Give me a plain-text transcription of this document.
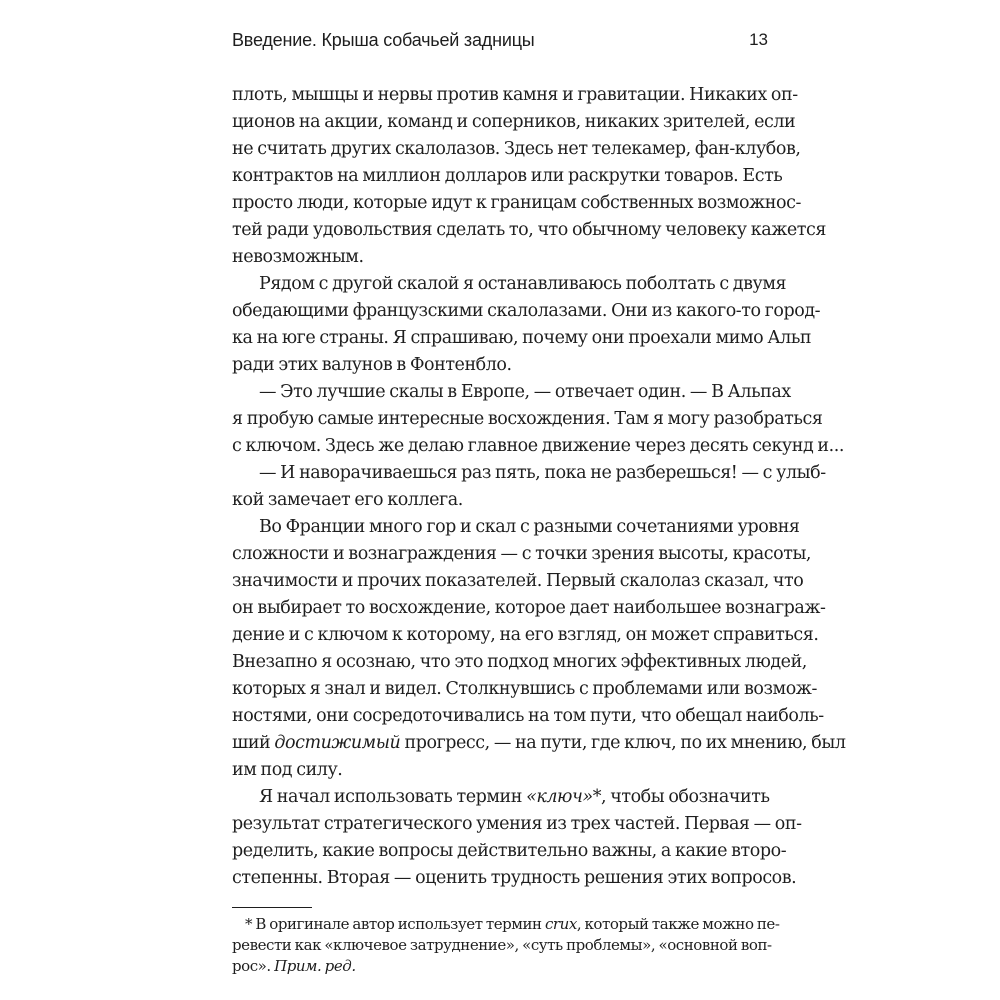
Введение. Крыша собачьей задницы	13
плоть, мышцы и нервы против камня и гравитации. Никаких оп-
ционов на акции, команд и соперников, никаких зрителей, если
не считать других скалолазов. Здесь нет телекамер, фан-клубов,
контрактов на миллион долларов или раскрутки товаров. Есть
просто люди, которые идут к границам собственных возможнос-
тей ради удовольствия сделать то, что обычному человеку кажется
невозможным.
Рядом с другой скалой я останавливаюсь поболтать с двумя
обедающими французскими скалолазами. Они из какого-то город-
ка на юге страны. Я спрашиваю, почему они проехали мимо Альп
ради этих валунов в Фонтенбло.
— Это лучшие скалы в Европе, — отвечает один. — В Альпах
я пробую самые интересные восхождения. Там я могу разобраться
с ключом. Здесь же делаю главное движение через десять секунд и...
— И наворачиваешься раз пять, пока не разберешься! — с улыб-
кой замечает его коллега.
Во Франции много гор и скал с разными сочетаниями уровня
сложности и вознаграждения — с точки зрения высоты, красоты,
значимости и прочих показателей. Первый скалолаз сказал, что
он выбирает то восхождение, которое дает наибольшее вознаграж-
дение и с ключом к которому, на его взгляд, он может справиться.
Внезапно я осознаю, что это подход многих эффективных людей,
которых я знал и видел. Столкнувшись с проблемами или возмож-
ностями, они сосредоточивались на том пути, что обещал наиболь-
ший достижимый прогресс, — на пути, где ключ, по их мнению, был
им под силу.
Я начал использовать термин «ключ»*, чтобы обозначить
результат стратегического умения из трех частей. Первая — оп-
ределить, какие вопросы действительно важны, а какие второ-
степенны. Вторая — оценить трудность решения этих вопросов.
* В оригинале автор использует термин crux, который также можно пе-
ревести как «ключевое затруднение», «суть проблемы», «основной воп-
рос». Прим. ред.
